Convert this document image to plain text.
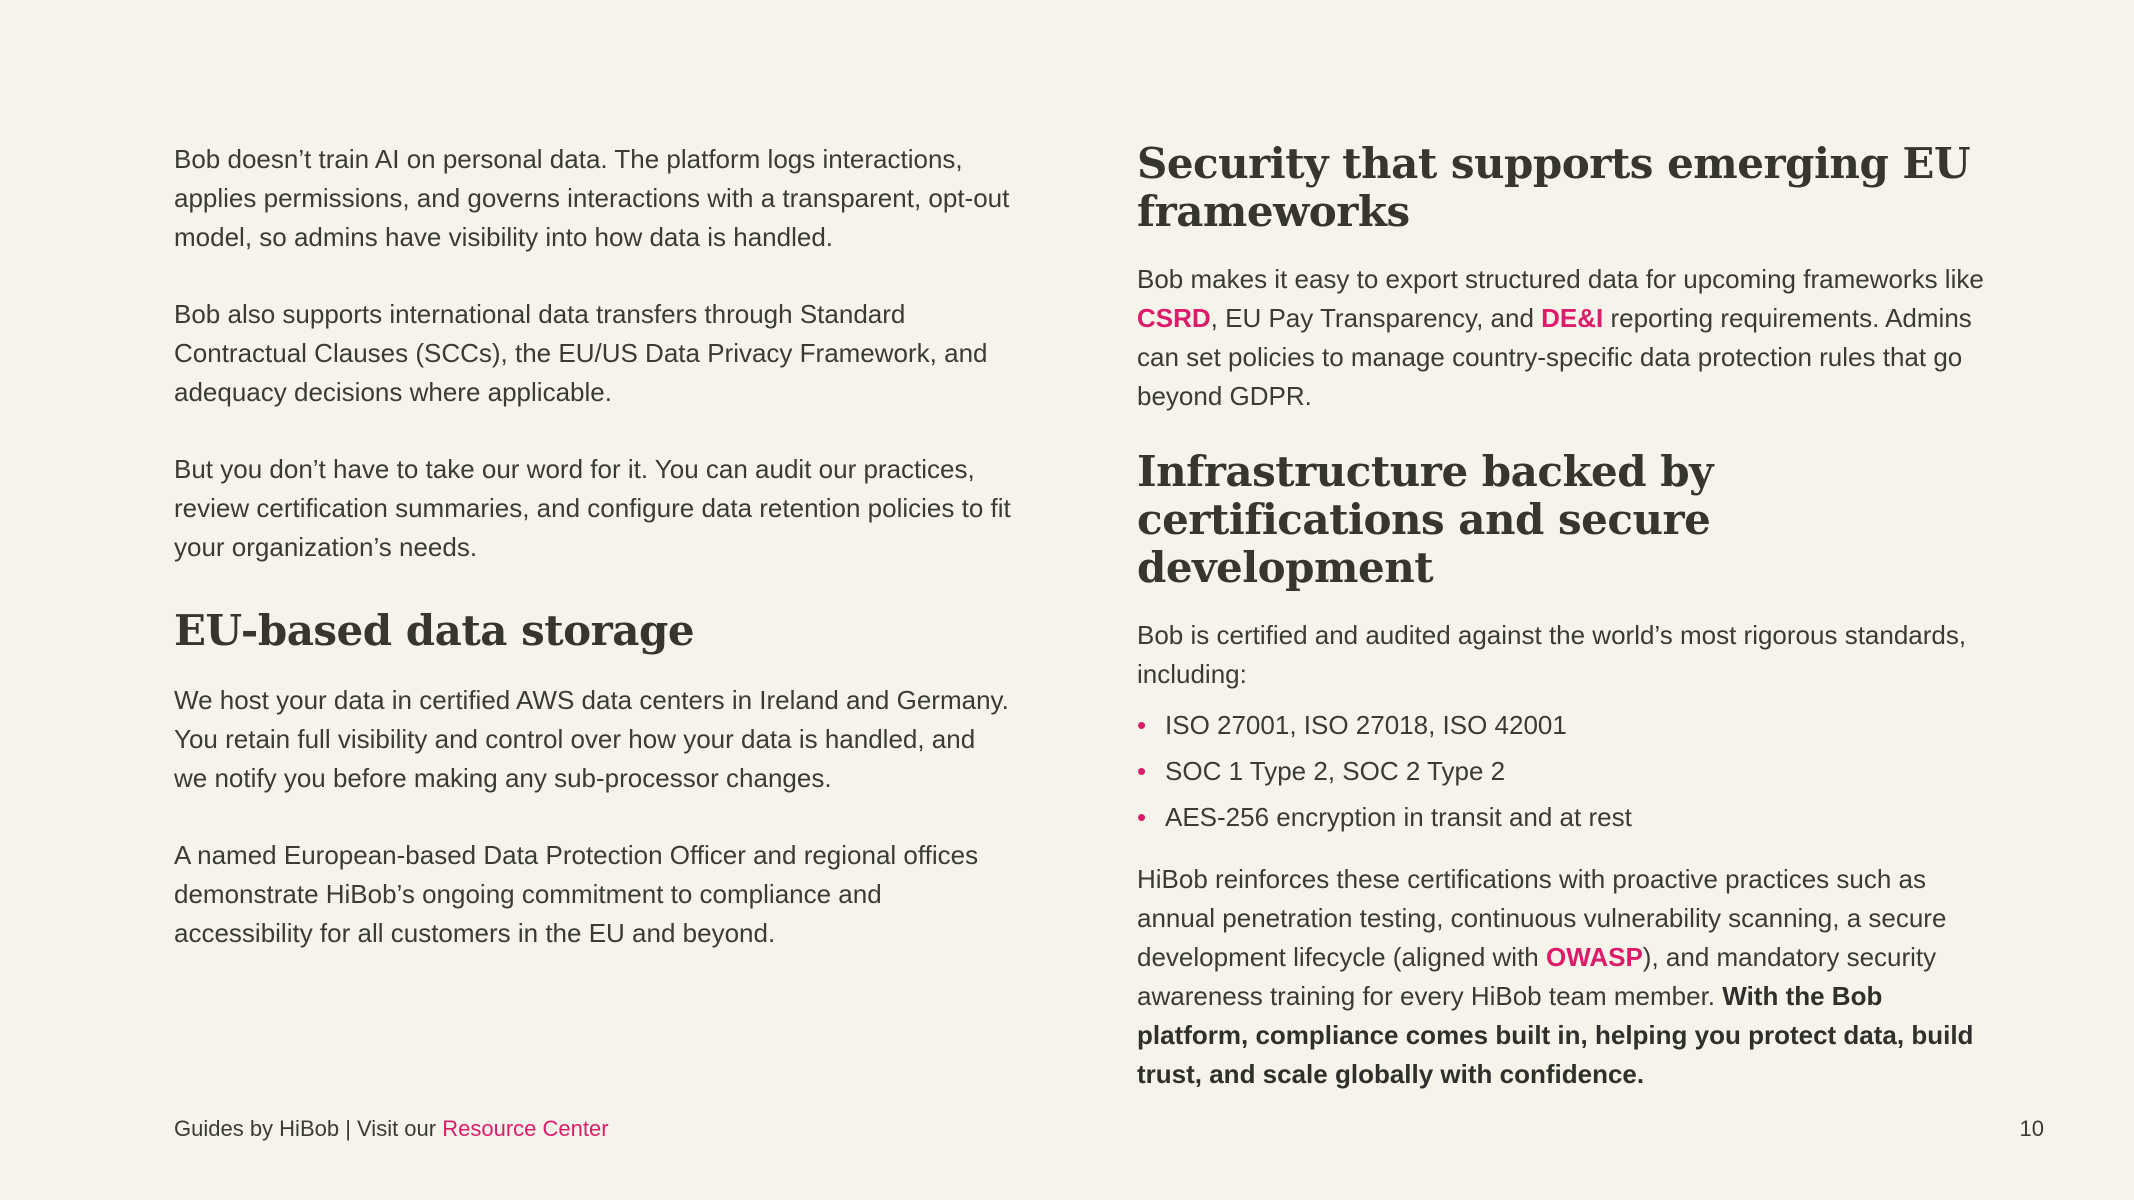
Bob doesn’t train AI on personal data. The platform logs interactions, applies permissions, and governs interactions with a transparent, opt-out model, so admins have visibility into how data is handled.

Bob also supports international data transfers through Standard Contractual Clauses (SCCs), the EU/US Data Privacy Framework, and adequacy decisions where applicable.

But you don’t have to take our word for it. You can audit our practices, review certification summaries, and configure data retention policies to fit your organization’s needs.

EU-based data storage

We host your data in certified AWS data centers in Ireland and Germany. You retain full visibility and control over how your data is handled, and we notify you before making any sub-processor changes.

A named European-based Data Protection Officer and regional offices demonstrate HiBob’s ongoing commitment to compliance and accessibility for all customers in the EU and beyond.

Security that supports emerging EU frameworks

Bob makes it easy to export structured data for upcoming frameworks like CSRD, EU Pay Transparency, and DE&I reporting requirements. Admins can set policies to manage country-specific data protection rules that go beyond GDPR.

Infrastructure backed by certifications and secure development

Bob is certified and audited against the world’s most rigorous standards, including:

• ISO 27001, ISO 27018, ISO 42001
• SOC 1 Type 2, SOC 2 Type 2
• AES-256 encryption in transit and at rest

HiBob reinforces these certifications with proactive practices such as annual penetration testing, continuous vulnerability scanning, a secure development lifecycle (aligned with OWASP), and mandatory security awareness training for every HiBob team member. With the Bob platform, compliance comes built in, helping you protect data, build trust, and scale globally with confidence.

Guides by HiBob | Visit our Resource Center	10
